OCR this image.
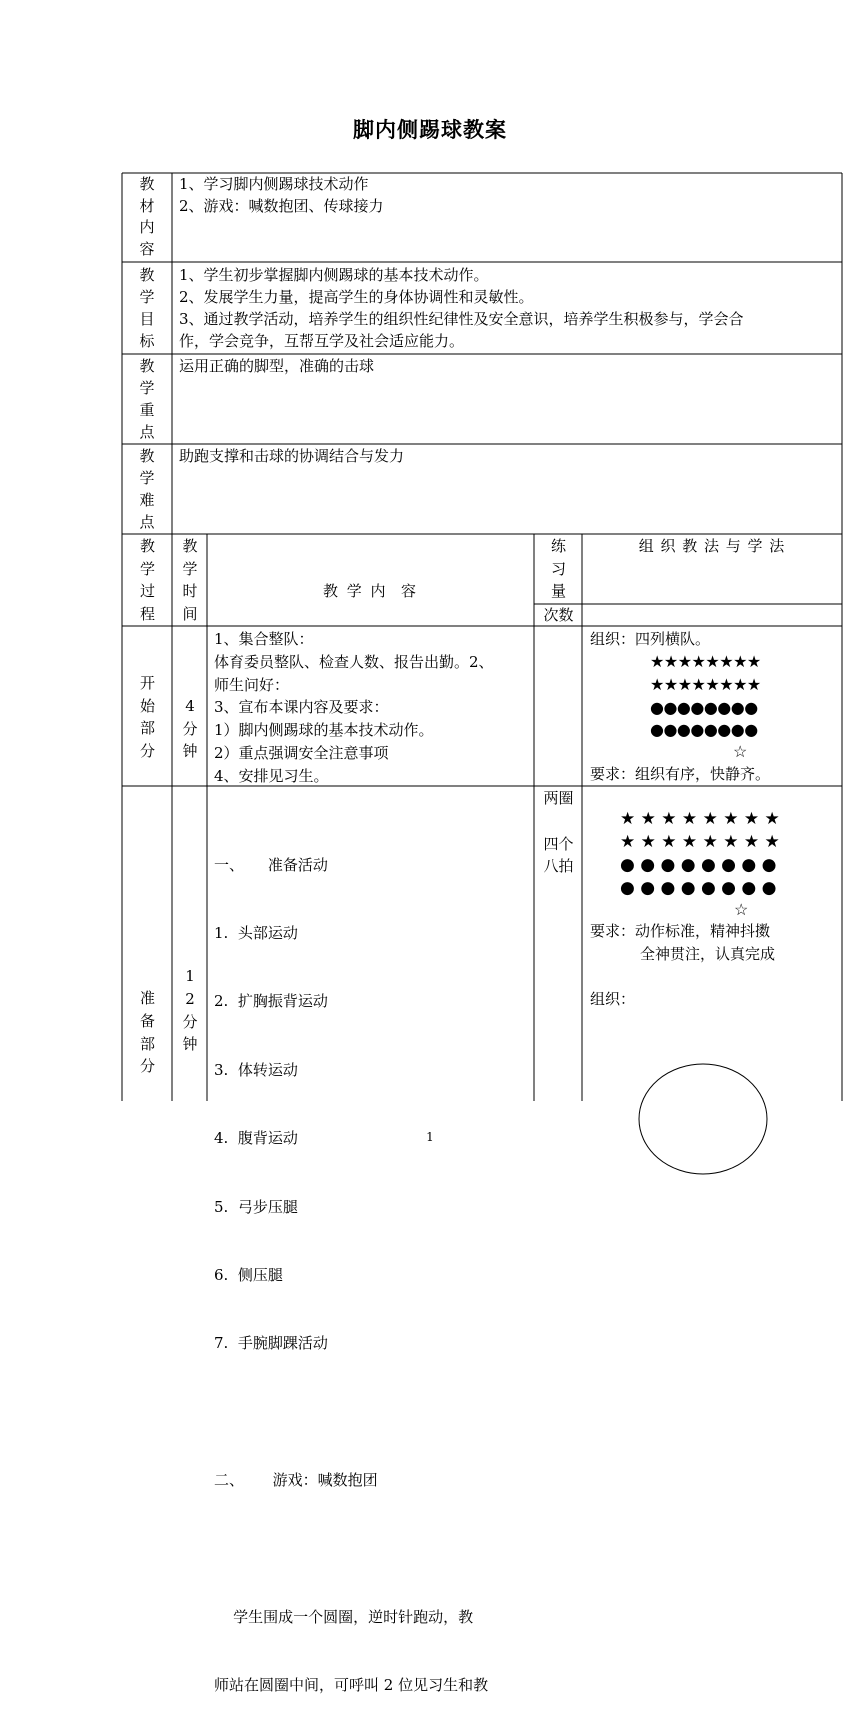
脚内侧踢球教案
教
材
内
容
1、学习脚内侧踢球技术动作
2、游戏：喊数抱团、传球接力
教
学
目
标
1、学生初步掌握脚内侧踢球的基本技术动作。
2、发展学生力量，提高学生的身体协调性和灵敏性。
3、通过教学活动，培养学生的组织性纪律性及安全意识，培养学生积极参与，学会合
作，学会竞争，互帮互学及社会适应能力。
教
学
重
点
运用正确的脚型，准确的击球
教
学
难
点
助跑支撑和击球的协调结合与发力
教
学
过
程
教
学
时
间
教 学 内  容
练
习
量
次数
组 织 教 法 与 学 法
开
始
部
分
4
分
钟
1、集合整队：
体育委员整队、检查人数、报告出勤。2、
师生问好：
3、宣布本课内容及要求：
1）脚内侧踢球的基本技术动作。
2）重点强调安全注意事项
4、安排见习生。
组织：四列横队。
★★★★★★★★
★★★★★★★★
●●●●●●●●
●●●●●●●●
☆
要求：组织有序，快静齐。
准
备
部
分
1
2
分
钟
两圈
四个
八拍

一、     准备活动

1.  头部运动

2.  扩胸振背运动

3.  体转运动

4.  腹背运动

5.  弓步压腿

6.  侧压腿

7.  手腕脚踝活动

二、      游戏：喊数抱团

学生围成一个圆圈，逆时针跑动，教

师站在圆圈中间，可呼叫 2 位见习生和教

★ ★ ★ ★ ★ ★ ★ ★
★ ★ ★ ★ ★ ★ ★ ★
● ● ● ● ● ● ● ●
● ● ● ● ● ● ● ●
☆
要求：动作标准，精神抖擞
全神贯注，认真完成
组织：
1
